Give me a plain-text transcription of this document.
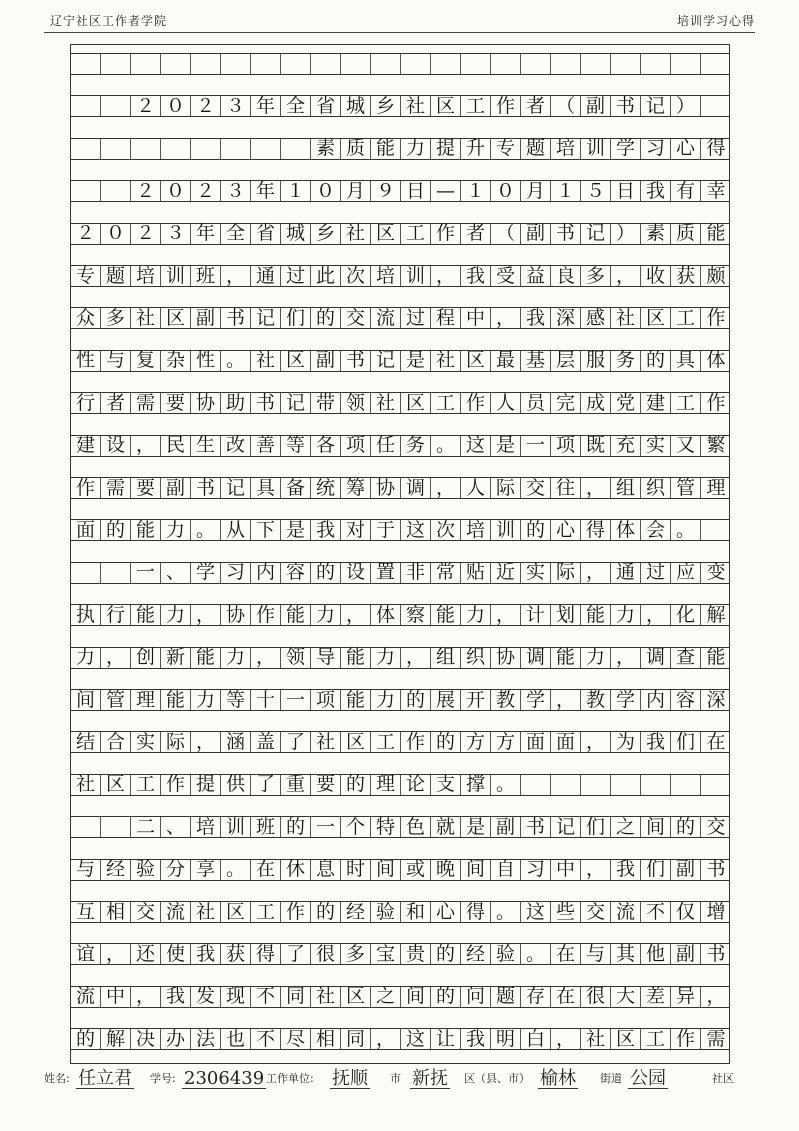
辽宁社区工作者学院	培训学习心得
２ ０ ２ ３ 年 全 省 城 乡 社 区 工 作 者 （ 副 书 记 ）
素 质 能 力 提 升 专 题 培 训 学 习 心 得
２ ０ ２ ３ 年 １ ０ 月 ９ 日 — １ ０ 月 １ ５ 日 我 有 幸
２ ０ ２ ３ 年 全 省 城 乡 社 区 工 作 者 （ 副 书 记 ） 素 质 能
专 题 培 训 班 ， 通 过 此 次 培 训 ， 我 受 益 良 多 ， 收 获 颇
众 多 社 区 副 书 记 们 的 交 流 过 程 中 ， 我 深 感 社 区 工 作
性 与 复 杂 性 。 社 区 副 书 记 是 社 区 最 基 层 服 务 的 具 体
行 者 需 要 协 助 书 记 带 领 社 区 工 作 人 员 完 成 党 建 工 作
建 设 ， 民 生 改 善 等 各 项 任 务 。 这 是 一 项 既 充 实 又 繁
作 需 要 副 书 记 具 备 统 筹 协 调 ， 人 际 交 往 ， 组 织 管 理
面 的 能 力 。 从 下 是 我 对 于 这 次 培 训 的 心 得 体 会 。
一 、 学 习 内 容 的 设 置 非 常 贴 近 实 际 ， 通 过 应 变
执 行 能 力 ， 协 作 能 力 ， 体 察 能 力 ， 计 划 能 力 ， 化 解
力 ， 创 新 能 力 ， 领 导 能 力 ， 组 织 协 调 能 力 ， 调 查 能
间 管 理 能 力 等 十 一 项 能 力 的 展 开 教 学 ， 教 学 内 容 深
结 合 实 际 ， 涵 盖 了 社 区 工 作 的 方 方 面 面 ， 为 我 们 在
社 区 工 作 提 供 了 重 要 的 理 论 支 撑 。
二 、 培 训 班 的 一 个 特 色 就 是 副 书 记 们 之 间 的 交
与 经 验 分 享 。 在 休 息 时 间 或 晚 间 自 习 中 ， 我 们 副 书
互 相 交 流 社 区 工 作 的 经 验 和 心 得 。 这 些 交 流 不 仅 增
谊 ， 还 使 我 获 得 了 很 多 宝 贵 的 经 验 。 在 与 其 他 副 书
流 中 ， 我 发 现 不 同 社 区 之 间 的 问 题 存 在 很 大 差 异 ，
的 解 决 办 法 也 不 尽 相 同 ， 这 让 我 明 白 ， 社 区 工 作 需
姓名: 任立君 学号: 2306439 工作单位: 抚顺 市 新抚 区（县、市） 榆林 街道 公园	社区
